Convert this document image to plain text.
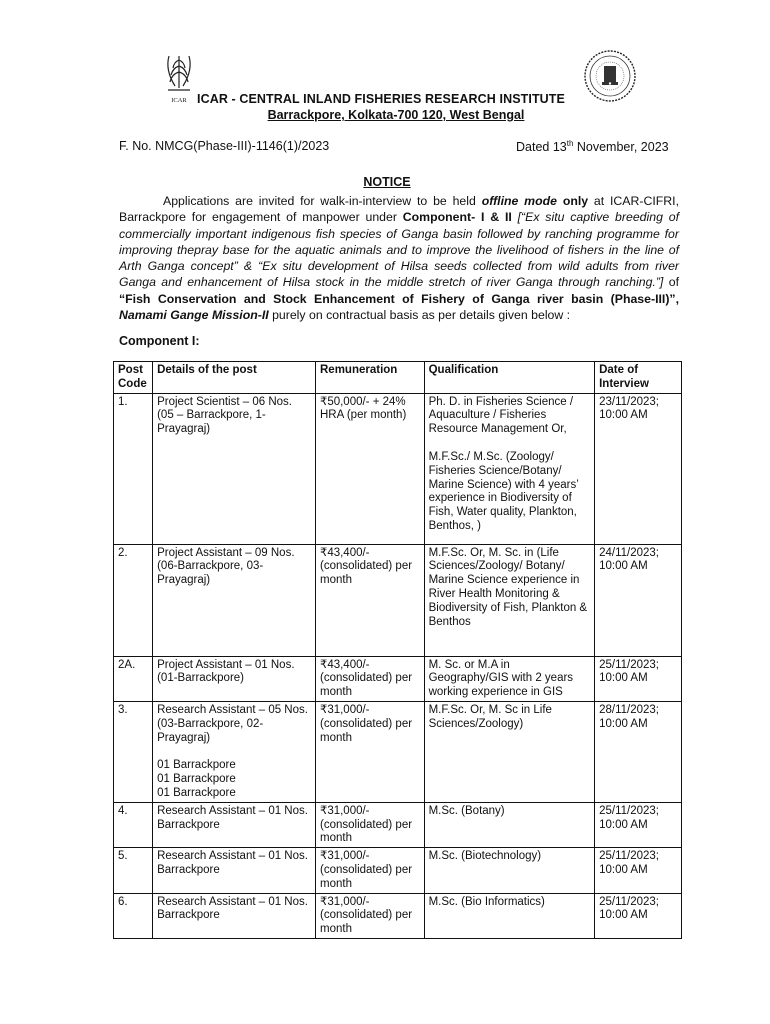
ICAR ICAR - CENTRAL INLAND FISHERIES RESEARCH INSTITUTE
Barrackpore, Kolkata-700 120, West Bengal
F. No. NMCG(Phase-III)-1146(1)/2023	Dated 13th November, 2023
NOTICE
Applications are invited for walk-in-interview to be held offline mode only at ICAR-CIFRI, Barrackpore for engagement of manpower under Component- I & II [“Ex situ captive breeding of commercially important indigenous fish species of Ganga basin followed by ranching programme for improving thepray base for the aquatic animals and to improve the livelihood of fishers in the line of Arth Ganga concept” & “Ex situ development of Hilsa seeds collected from wild adults from river Ganga and enhancement of Hilsa stock in the middle stretch of river Ganga through ranching.”] of “Fish Conservation and Stock Enhancement of Fishery of Ganga river basin (Phase-III)”, Namami Gange Mission-II purely on contractual basis as per details given below :
Component I:
Post Code	Details of the post	Remuneration	Qualification	Date of Interview
1.	Project Scientist – 06 Nos. (05 – Barrackpore, 1-Prayagraj)	₹50,000/- + 24% HRA (per month)	Ph. D. in Fisheries Science / Aquaculture / Fisheries Resource Management Or,
M.F.Sc./ M.Sc. (Zoology/ Fisheries Science/Botany/ Marine Science) with 4 years’ experience in Biodiversity of Fish, Water quality, Plankton, Benthos, )	23/11/2023; 10:00 AM
2.	Project Assistant – 09 Nos. (06-Barrackpore, 03-Prayagraj)	₹43,400/- (consolidated) per month	M.F.Sc. Or, M. Sc. in (Life Sciences/Zoology/ Botany/ Marine Science experience in River Health Monitoring & Biodiversity of Fish, Plankton & Benthos	24/11/2023; 10:00 AM
2A.	Project Assistant – 01 Nos. (01-Barrackpore)	₹43,400/- (consolidated) per month	M. Sc. or M.A in Geography/GIS with 2 years working experience in GIS	25/11/2023; 10:00 AM
3.	Research Assistant – 05 Nos. (03-Barrackpore, 02-Prayagraj)
01 Barrackpore
01 Barrackpore
01 Barrackpore	₹31,000/- (consolidated) per month	M.F.Sc. Or, M. Sc in Life Sciences/Zoology)	28/11/2023; 10:00 AM
4.	Research Assistant – 01 Nos. Barrackpore	₹31,000/- (consolidated) per month	M.Sc. (Botany)	25/11/2023; 10:00 AM
5.	Research Assistant – 01 Nos. Barrackpore	₹31,000/- (consolidated) per month	M.Sc. (Biotechnology)	25/11/2023; 10:00 AM
6.	Research Assistant – 01 Nos. Barrackpore	₹31,000/- (consolidated) per month	M.Sc. (Bio Informatics)	25/11/2023; 10:00 AM
